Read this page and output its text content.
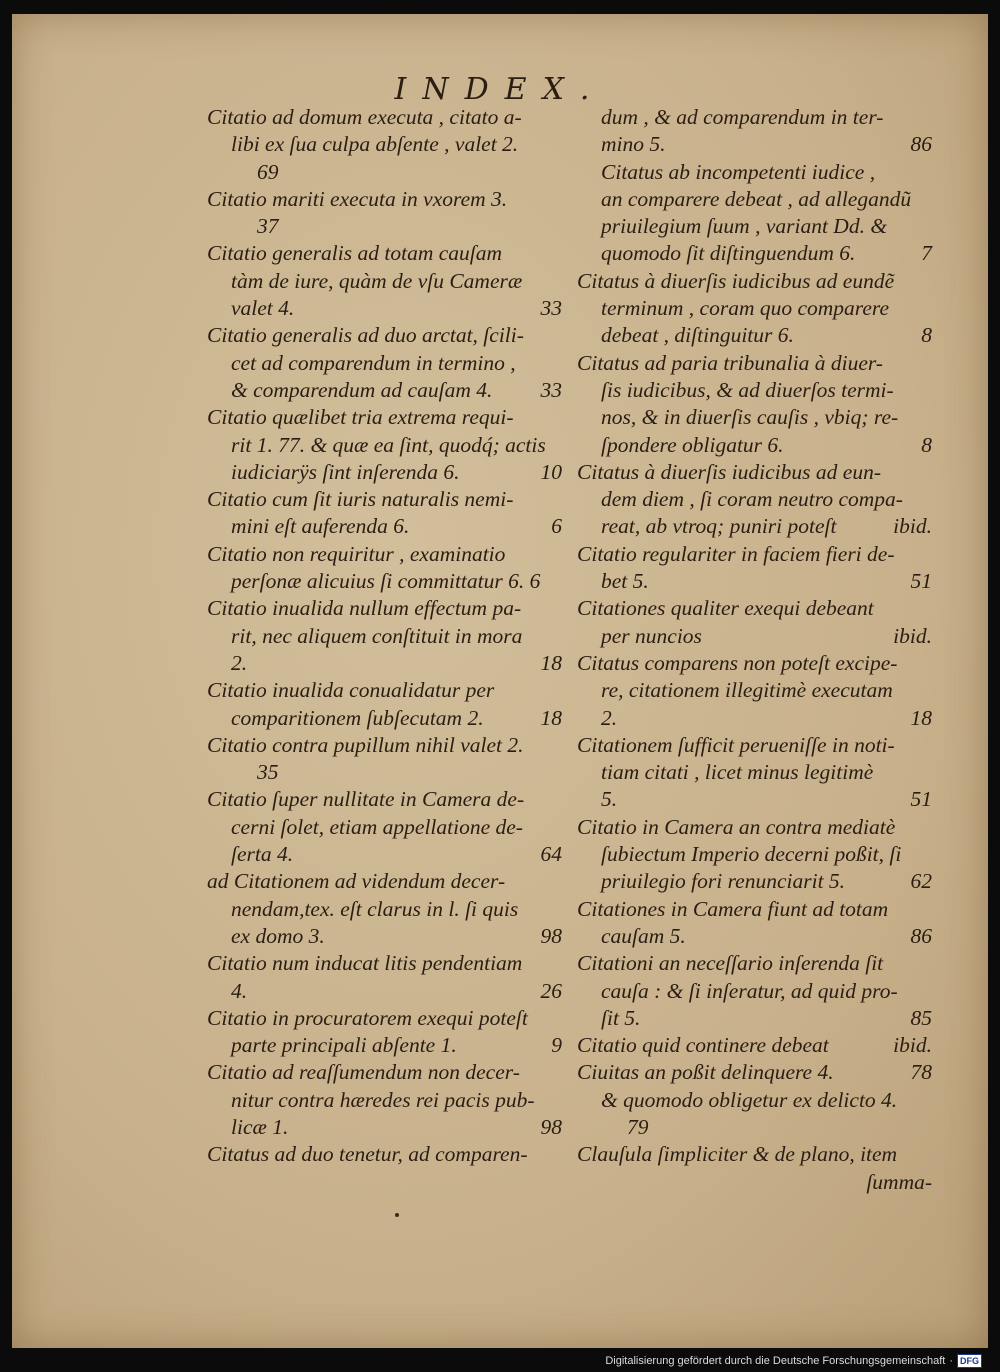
INDEX.
Citatio ad domum executa , citato a-
libi ex ſua culpa abſente , valet 2.
69
Citatio mariti executa in vxorem 3.
37
Citatio generalis ad totam cauſam
tàm de iure, quàm de vſu Cameræ
valet 4.	33
Citatio generalis ad duo arctat, ſcili-
cet ad comparendum in termino ,
& comparendum ad cauſam 4. 33
Citatio quælibet tria extrema requi-
rit 1. 77. & quæ ea ſint, quodq́; actis
iudiciarÿs ſint inſerenda 6.	10
Citatio cum ſit iuris naturalis nemi-
mini eſt auferenda 6.	6
Citatio non requiritur , examinatio
perſonæ alicuius ſi committatur 6. 6
Citatio inualida nullum effectum pa-
rit, nec aliquem conſtituit in mora
2.	18
Citatio inualida conualidatur per
comparitionem ſubſecutam 2.	18
Citatio contra pupillum nihil valet 2.
35
Citatio ſuper nullitate in Camera de-
cerni ſolet, etiam appellatione de-
ſerta 4.	64
ad Citationem ad videndum decer-
nendam,tex. eſt clarus in l. ſi quis
ex domo 3.	98
Citatio num inducat litis pendentiam
4.	26
Citatio in procuratorem exequi poteſt
parte principali abſente 1.	9
Citatio ad reaſſumendum non decer-
nitur contra hæredes rei pacis pub-
licæ 1.	98
Citatus ad duo tenetur, ad comparen-
dum , & ad comparendum in ter-
mino 5.	86
Citatus ab incompetenti iudice ,
an comparere debeat , ad allegandũ
priuilegium ſuum , variant Dd. &
quomodo ſit diſtinguendum 6.	7
Citatus à diuerſis iudicibus ad eundẽ
terminum , coram quo comparere
debeat , diſtinguitur 6.	8
Citatus ad paria tribunalia à diuer-
ſis iudicibus, & ad diuerſos termi-
nos, & in diuerſis cauſis , vbiq; re-
ſpondere obligatur 6.	8
Citatus à diuerſis iudicibus ad eun-
dem diem , ſi coram neutro compa-
reat, ab vtroq; puniri poteſt	ibid.
Citatio regulariter in faciem fieri de-
bet 5.	51
Citationes qualiter exequi debeant
per nuncios	ibid.
Citatus comparens non poteſt excipe-
re, citationem illegitimè executam
2.	18
Citationem ſufficit perueniſſe in noti-
tiam citati , licet minus legitimè
5.	51
Citatio in Camera an contra mediatè
ſubiectum Imperio decerni poßit, ſi
priuilegio fori renunciarit 5.	62
Citationes in Camera fiunt ad totam
cauſam 5.	86
Citationi an neceſſario inſerenda ſit
cauſa : & ſi inſeratur, ad quid pro-
ſit 5.	85
Citatio quid continere debeat	ibid.
Ciuitas an poßit delinquere 4.	78
& quomodo obligetur ex delicto 4.
79
Clauſula ſimpliciter & de plano, item
ſumma-
Digitalisierung gefördert durch die Deutsche Forschungsgemeinschaft · DFG
